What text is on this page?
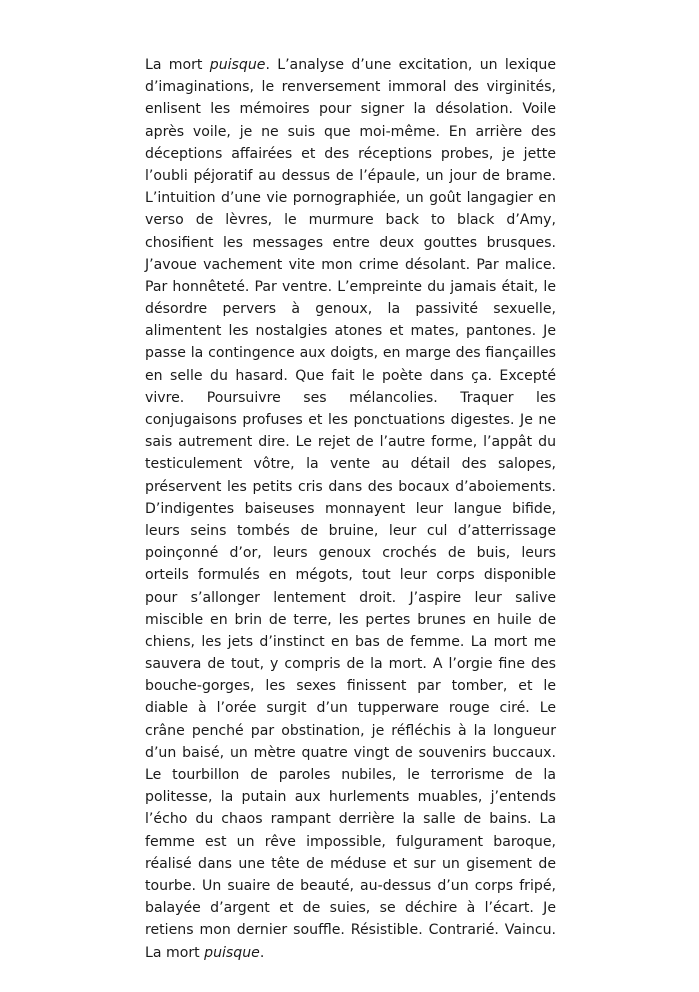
La mort puisque. L’analyse d’une excitation, un lexique
d’imaginations, le renversement immoral des virginités,
enlisent les mémoires pour signer la désolation. Voile
après voile, je ne suis que moi-même. En arrière des
déceptions affairées et des réceptions probes, je jette
l’oubli péjoratif au dessus de l’épaule, un jour de brame.
L’intuition d’une vie pornographiée, un goût langagier en
verso de lèvres, le murmure back to black d’Amy,
chosifient les messages entre deux gouttes brusques.
J’avoue vachement vite mon crime désolant. Par malice.
Par honnêteté. Par ventre. L’empreinte du jamais était, le
désordre pervers à genoux, la passivité sexuelle,
alimentent les nostalgies atones et mates, pantones. Je
passe la contingence aux doigts, en marge des fiançailles
en selle du hasard. Que fait le poète dans ça. Excepté
vivre. Poursuivre ses mélancolies. Traquer les
conjugaisons profuses et les ponctuations digestes. Je ne
sais autrement dire. Le rejet de l’autre forme, l’appât du
testiculement vôtre, la vente au détail des salopes,
préservent les petits cris dans des bocaux d’aboiements.
D’indigentes baiseuses monnayent leur langue bifide,
leurs seins tombés de bruine, leur cul d’atterrissage
poinçonné d’or, leurs genoux crochés de buis, leurs
orteils formulés en mégots, tout leur corps disponible
pour s’allonger lentement droit. J’aspire leur salive
miscible en brin de terre, les pertes brunes en huile de
chiens, les jets d’instinct en bas de femme. La mort me
sauvera de tout, y compris de la mort. A l’orgie fine des
bouche-gorges, les sexes finissent par tomber, et le
diable à l’orée surgit d’un tupperware rouge ciré. Le
crâne penché par obstination, je réfléchis à la longueur
d’un baisé, un mètre quatre vingt de souvenirs buccaux.
Le tourbillon de paroles nubiles, le terrorisme de la
politesse, la putain aux hurlements muables, j’entends
l’écho du chaos rampant derrière la salle de bains. La
femme est un rêve impossible, fulgurament baroque,
réalisé dans une tête de méduse et sur un gisement de
tourbe. Un suaire de beauté, au-dessus d’un corps fripé,
balayée d’argent et de suies, se déchire à l’écart. Je
retiens mon dernier souffle. Résistible. Contrarié. Vaincu.
La mort puisque.
